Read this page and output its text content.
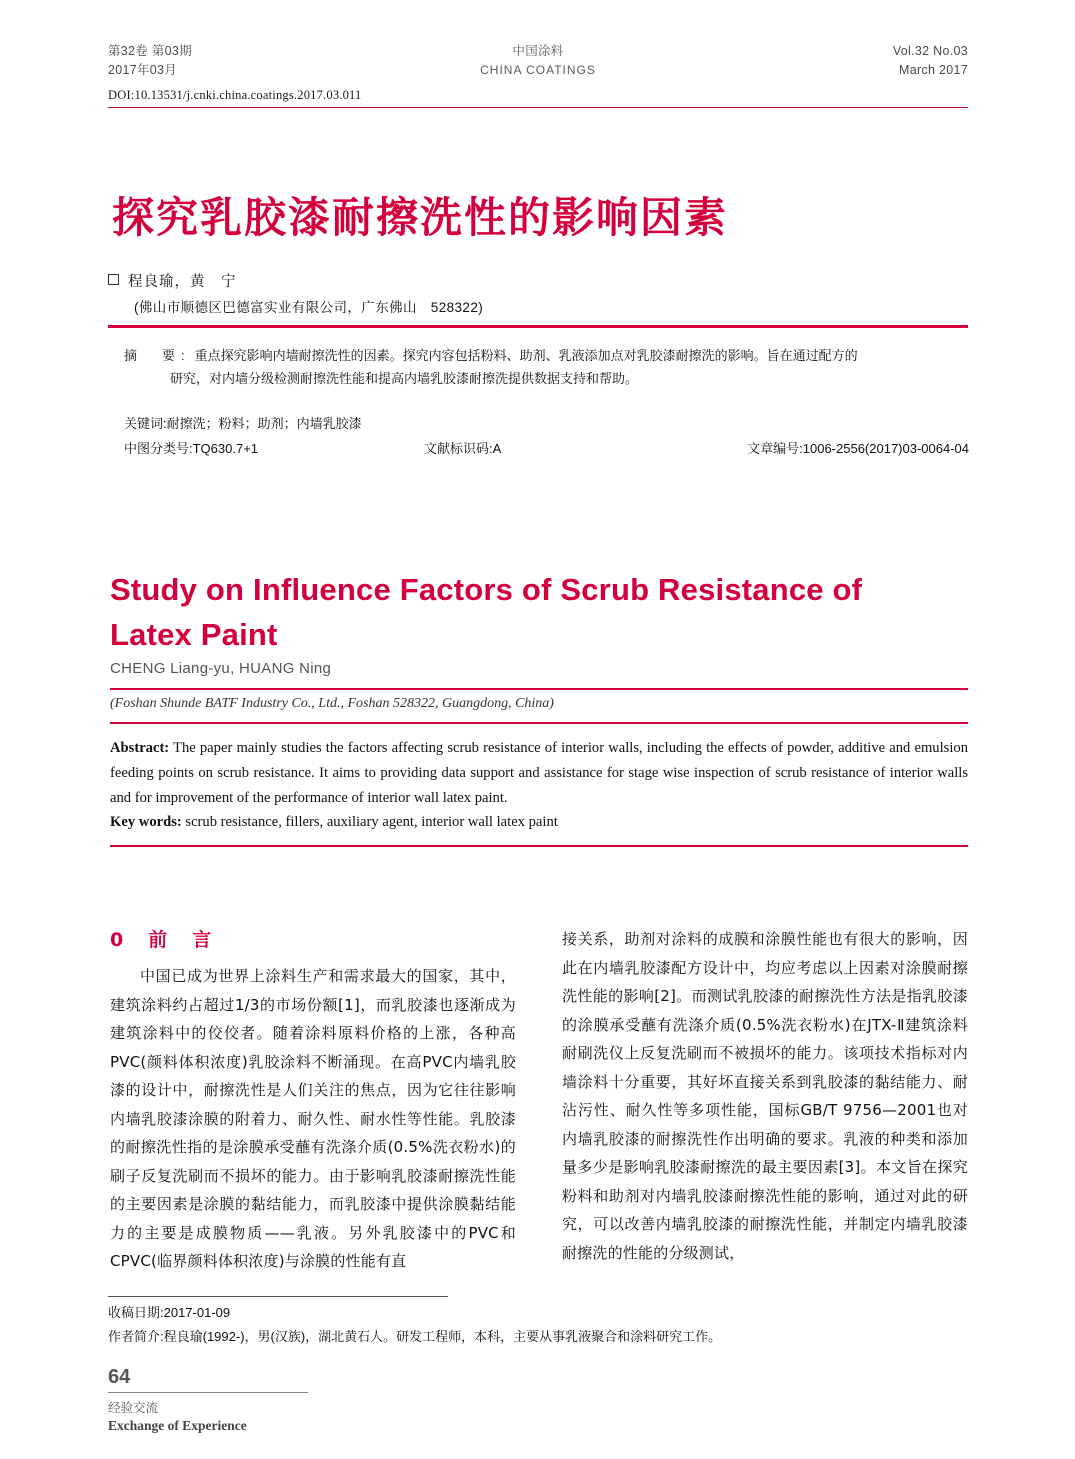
第32卷 第03期
2017年03月
中国涂料
CHINA COATINGS
Vol.32 No.03
March 2017
DOI:10.13531/j.cnki.china.coatings.2017.03.011
探究乳胶漆耐擦洗性的影响因素
程良瑜，黄　宁
(佛山市顺德区巴德富实业有限公司，广东佛山　528322)

摘　要: 重点探究影响内墙耐擦洗性的因素。探究内容包括粉料、助剂、乳液添加点对乳胶漆耐擦洗的影响。旨在通过配方的

研究，对内墙分级检测耐擦洗性能和提高内墙乳胶漆耐擦洗提供数据支持和帮助。

关键词:耐擦洗；粉料；助剂；内墙乳胶漆
中图分类号:TQ630.7+1	文献标识码:A	文章编号:1006-2556(2017)03-0064-04
Study on Influence Factors of Scrub Resistance of Latex Paint
CHENG Liang-yu, HUANG Ning
(Foshan Shunde BATF Industry Co., Ltd., Foshan 528322, Guangdong, China)
Abstract: The paper mainly studies the factors affecting scrub resistance of interior walls, including the effects of powder, additive and emulsion feeding points on scrub resistance. It aims to providing data support and assistance for stage wise inspection of scrub resistance of interior walls and for improvement of the performance of interior wall latex paint.
Key words: scrub resistance, fillers, auxiliary agent, interior wall latex paint
0　前　言

中国已成为世界上涂料生产和需求最大的国家，其中，建筑涂料约占超过1/3的市场份额[1]，而乳胶漆也逐渐成为建筑涂料中的佼佼者。随着涂料原料价格的上涨，各种高PVC(颜料体积浓度)乳胶涂料不断涌现。在高PVC内墙乳胶漆的设计中，耐擦洗性是人们关注的焦点，因为它往往影响内墙乳胶漆涂膜的附着力、耐久性、耐水性等性能。乳胶漆的耐擦洗性指的是涂膜承受蘸有洗涤介质(0.5%洗衣粉水)的刷子反复洗刷而不损坏的能力。由于影响乳胶漆耐擦洗性能的主要因素是涂膜的黏结能力，而乳胶漆中提供涂膜黏结能力的主要是成膜物质——乳液。另外乳胶漆中的PVC和CPVC(临界颜料体积浓度)与涂膜的性能有直

接关系，助剂对涂料的成膜和涂膜性能也有很大的影响，因此在内墙乳胶漆配方设计中，均应考虑以上因素对涂膜耐擦洗性能的影响[2]。而测试乳胶漆的耐擦洗性方法是指乳胶漆的涂膜承受蘸有洗涤介质(0.5%洗衣粉水)在JTX-Ⅱ建筑涂料耐刷洗仪上反复洗刷而不被损坏的能力。该项技术指标对内墙涂料十分重要，其好坏直接关系到乳胶漆的黏结能力、耐沾污性、耐久性等多项性能，国标GB/T 9756—2001也对内墙乳胶漆的耐擦洗性作出明确的要求。乳液的种类和添加量多少是影响乳胶漆耐擦洗的最主要因素[3]。本文旨在探究粉料和助剂对内墙乳胶漆耐擦洗性能的影响，通过对此的研究，可以改善内墙乳胶漆的耐擦洗性能，并制定内墙乳胶漆耐擦洗的性能的分级测试，

收稿日期:2017-01-09
作者简介:程良瑜(1992-)，男(汉族)，湖北黄石人。研发工程师，本科，主要从事乳液聚合和涂料研究工作。
64
经验交流
Exchange of Experience
